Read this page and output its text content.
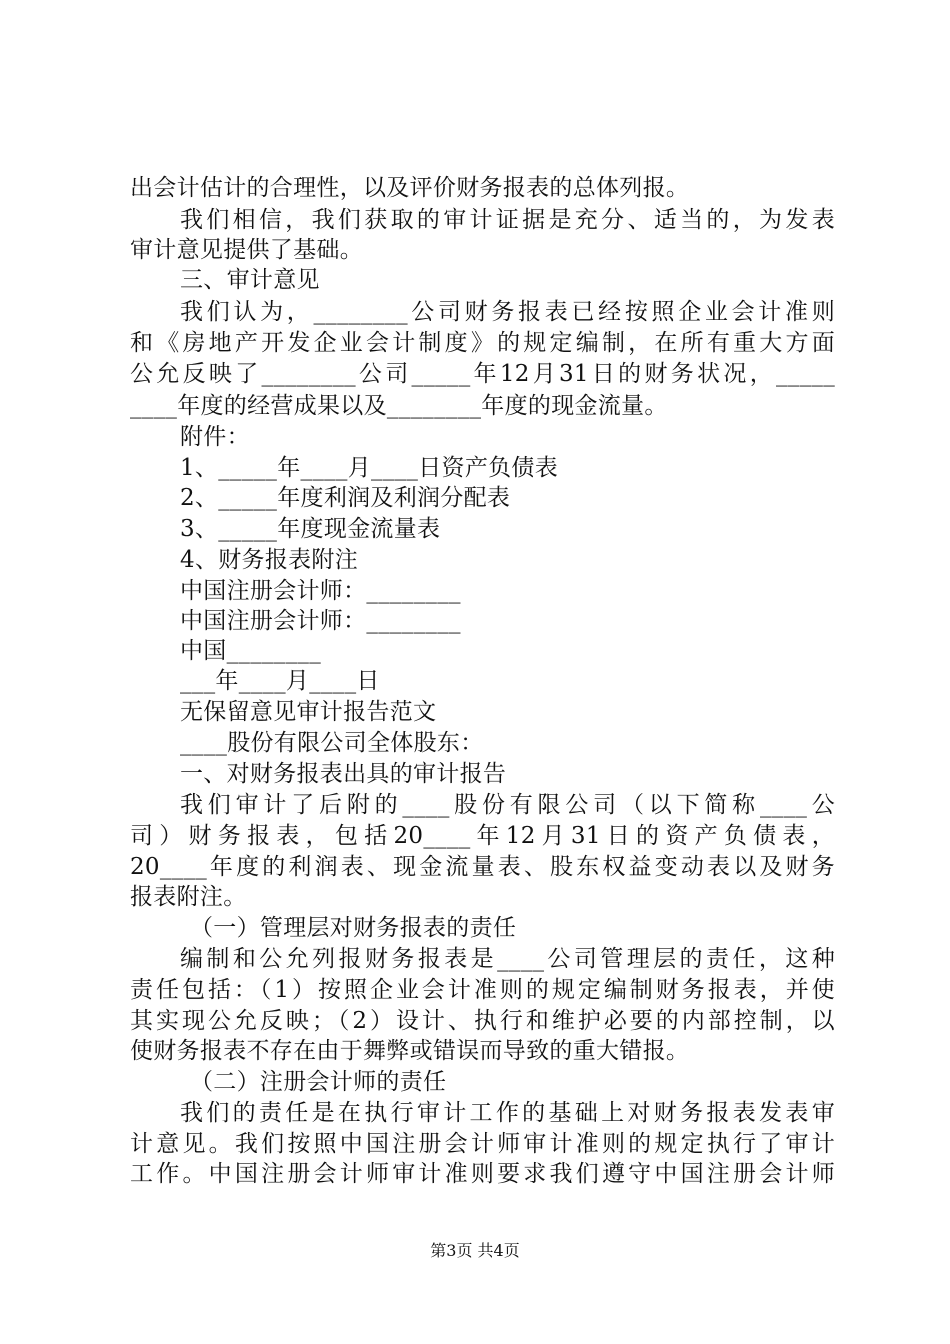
出会计估计的合理性，以及评价财务报表的总体列报。
我们相信，我们获取的审计证据是充分、适当的，为发表
审计意见提供了基础。
三、审计意见
我们认为，________公司财务报表已经按照企业会计准则
和《房地产开发企业会计制度》的规定编制，在所有重大方面
公允反映了________公司_____年12月31日的财务状况，_____
____年度的经营成果以及________年度的现金流量。
附件：
1、_____年____月____日资产负债表
2、_____年度利润及利润分配表
3、_____年度现金流量表
4、财务报表附注
中国注册会计师：________
中国注册会计师：________
中国________
___年____月____日
无保留意见审计报告范文
____股份有限公司全体股东：
一、对财务报表出具的审计报告
我们审计了后附的____股份有限公司（以下简称____公
司）财务报表，包括20____年12月31日的资产负债表，
20____年度的利润表、现金流量表、股东权益变动表以及财务
报表附注。
（一）管理层对财务报表的责任
编制和公允列报财务报表是____公司管理层的责任，这种
责任包括：（1）按照企业会计准则的规定编制财务报表，并使
其实现公允反映；（2）设计、执行和维护必要的内部控制，以
使财务报表不存在由于舞弊或错误而导致的重大错报。
（二）注册会计师的责任
我们的责任是在执行审计工作的基础上对财务报表发表审
计意见。我们按照中国注册会计师审计准则的规定执行了审计
工作。中国注册会计师审计准则要求我们遵守中国注册会计师
第3页 共4页
